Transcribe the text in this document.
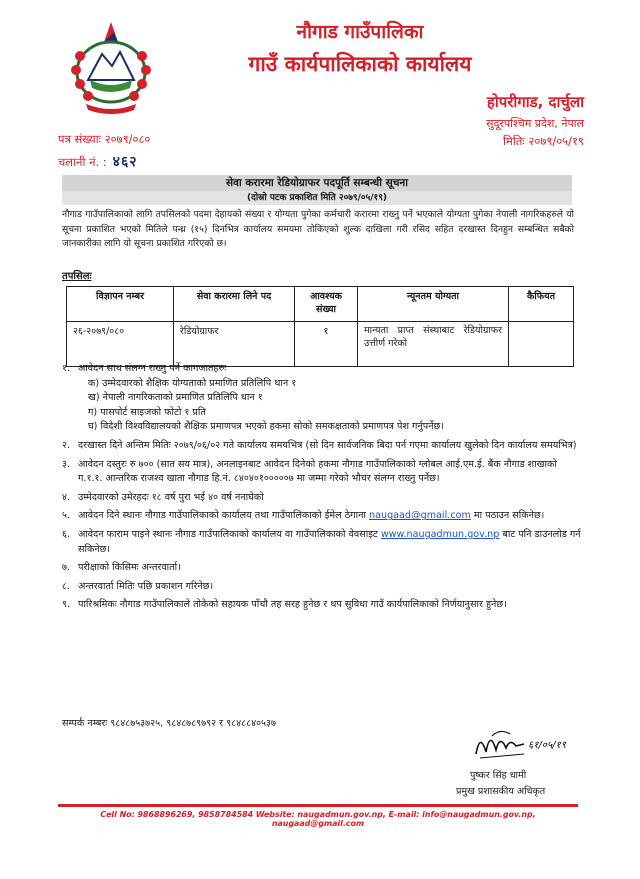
नौगाड गाउँपालिका
गाउँ कार्यपालिकाको कार्यालय
होपरीगाड, दार्चुला
सुदूरपश्चिम प्रदेश, नेपाल
पत्र संख्याः २०७९/०८०	मितिः २०७९/०५/१९
चलानी नं. : ४६२
सेवा करारमा रेडियोग्राफर पदपूर्ति सम्बन्धी सूचना
(दोस्रो पटक प्रकाशित मिति २०७९/०५/१९)
नौगाड गाउँपालिकाको लागि तपसिलको पदमा देहायको संख्या र योग्यता पुगेका कर्मचारी करारमा राख्नु पर्ने भएकाले योग्यता पुगेका नेपाली नागरिकहरुले यो सूचना प्रकाशित भएको मितिले पन्ध्र (१५) दिनभित्र कार्यालय समयमा तोकिएको शुल्क दाखिला गरी रसिद सहित दरखास्त दिनहुन सम्बन्धित सबैको जानकारीका लागि यो सूचना प्रकाशित गरिएको छ।
तपसिलः
विज्ञापन नम्बर	सेवा करारमा लिने पद	आवश्यक संख्या	न्यूनतम योग्यता	कैफियत
२६-२०७९/०८०	रेडियोग्राफर	१	मान्यता प्राप्त संस्थाबाट रेडियोग्राफर उत्तीर्ण गरेको	
१. आवेदन साथ संलग्न राख्नु पर्ने कागजातहरुः
क) उम्मेदवारको शैक्षिक योग्यताको प्रमाणित प्रतिलिपि थान १
ख) नेपाली नागरिकताको प्रमाणित प्रतिलिपि थान १
ग) पासपोर्ट साइजको फोटो १ प्रति
घ) विदेशी विश्वविद्यालयको शैक्षिक प्रमाणपत्र भएको हकमा सोको समकक्षताको प्रमाणपत्र पेश गर्नुपर्नेछ।
२. दरखास्त दिने अन्तिम मितिः २०७९/०६/०२ गते कार्यालय समयभित्र (सो दिन सार्वजनिक बिदा पर्न गएमा कार्यालय खुलेको दिन कार्यालय समयभित्र)
३. आवेदन दस्तुरः रु ७०० (सात सय मात्र), अनलाइनबाट आवेदन दिनेको हकमा नौगाड गाउँपालिकाको ग्लोबल आई.एम.ई. बैंक नौगाड शाखाको ग.१.१. आन्तरिक राजश्व खाता नौगाड हि.नं. ८४०४०१०००००७ मा जम्मा गरेको भौचर संलग्न राख्नु पर्नेछ।
४. उम्मेदवारको उमेरहदः १८ वर्ष पुरा भई ४० वर्ष ननाघेको
५. आवेदन दिने स्थानः नौगाड गाउँपालिकाको कार्यालय तथा गाउँपालिकाको ईमेल ठेगाना naugaad@gmail.com मा पठाउन सकिनेछ।
६. आवेदन फाराम पाइने स्थानः नौगाड गाउँपालिकाको कार्यालय वा गाउँपालिकाको वेवसाइट www.naugadmun.gov.np बाट पनि डाउनलोड गर्न सकिनेछ।
७. परीक्षाको किसिमः अन्तरवार्ता।
८. अन्तरवार्ता मितिः पछि प्रकाशन गरिनेछ।
९. पारिश्रमिकः नौगाड गाउँपालिकाले तोकेको सहायक पाँचौ तह सरह हुनेछ र थप सुविधा गाउँ कार्यपालिकाको निर्णयानुसार हुनेछ।
सम्पर्क नम्बरः ९८४८७५३७२५, ९८४८७८९७९२ र ९८४८८४०५३७
६१/०५/१९
पुष्कर सिंह धामी
प्रमुख प्रशासकीय अधिकृत
Cell No: 9868896269, 9858784584 Website: naugadmun.gov.np, E-mail: info@naugadmun.gov.np, naugaad@gmail.com
